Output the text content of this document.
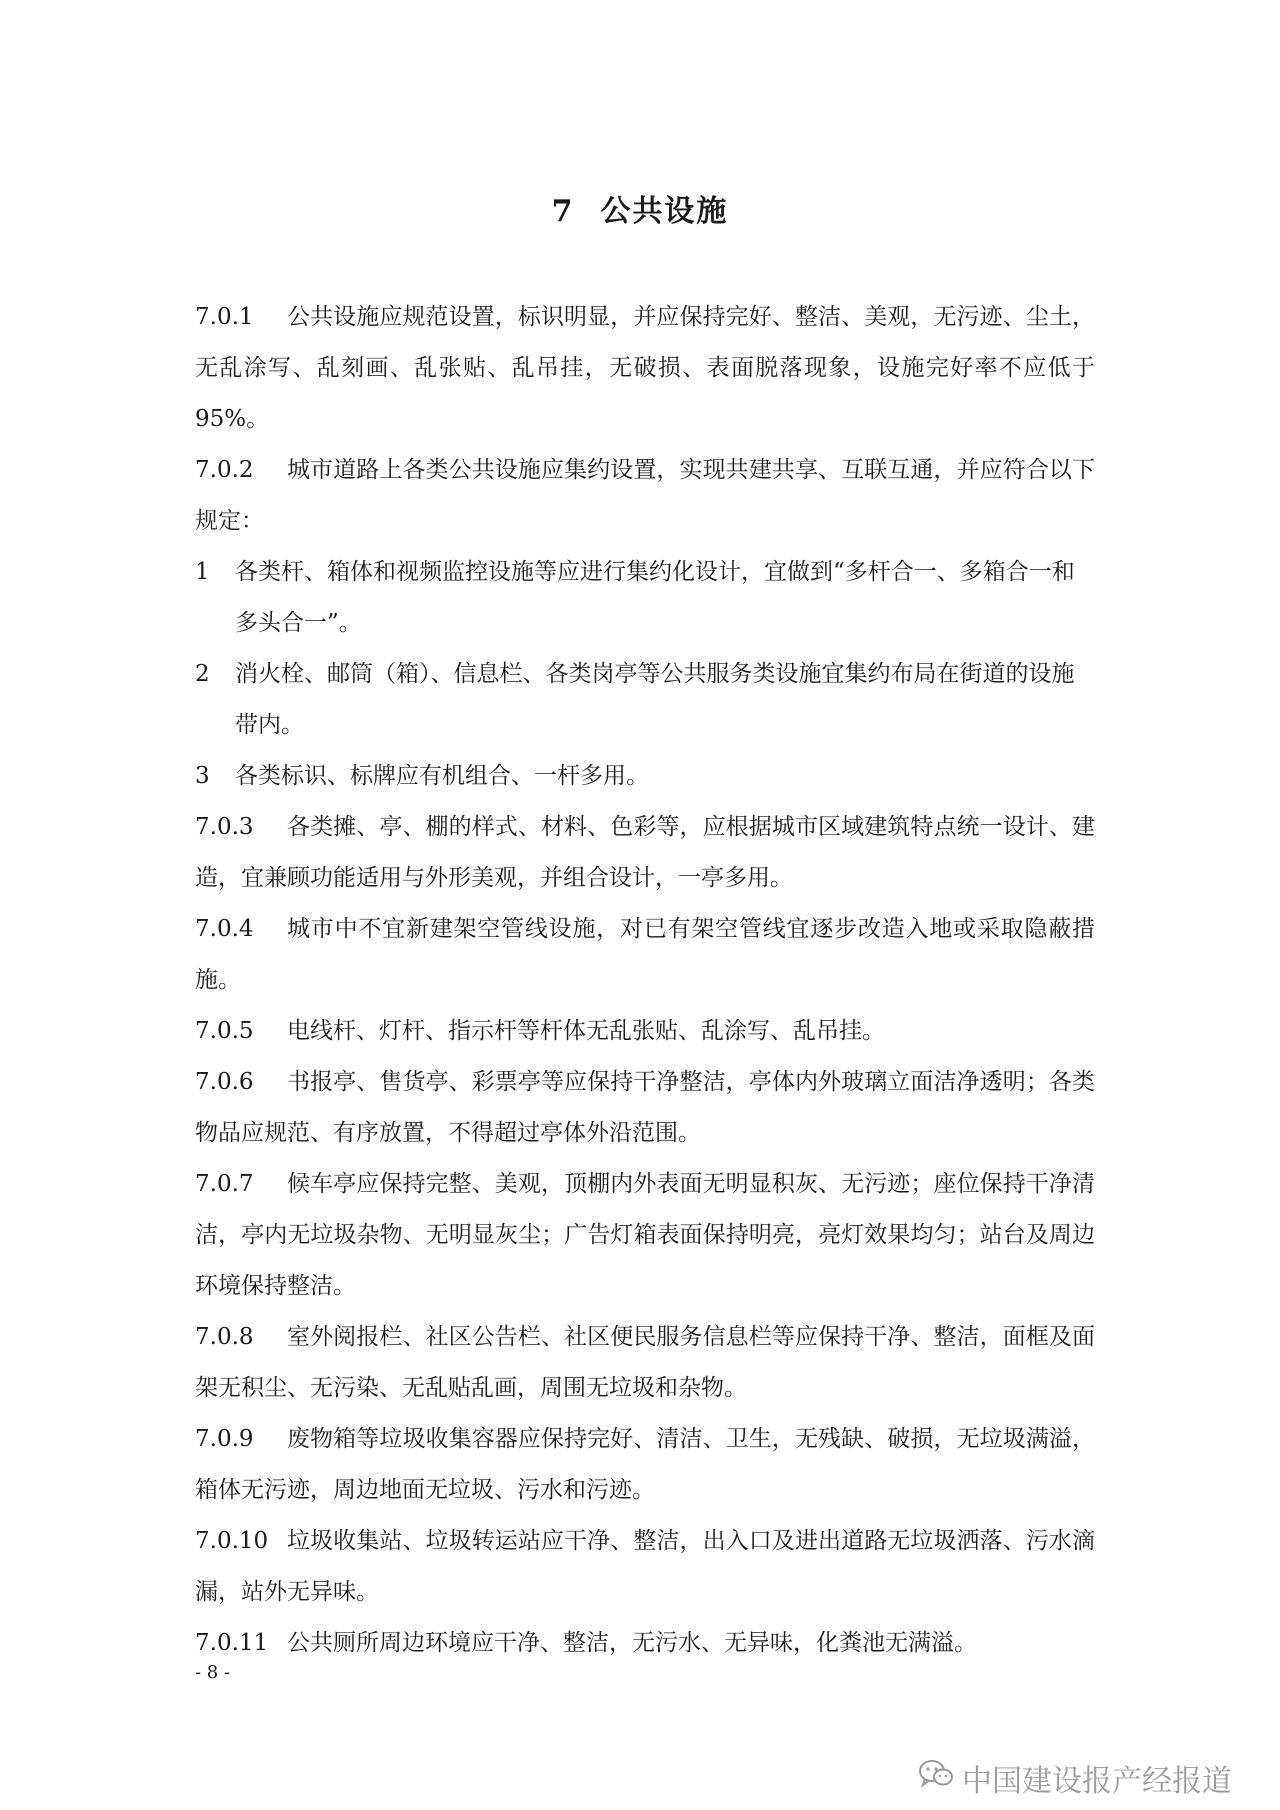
7 公共设施
7.0.1	公共设施应规范设置，标识明显，并应保持完好、整洁、美观，无污迹、尘土，无乱涂写、乱刻画、乱张贴、乱吊挂，无破损、表面脱落现象，设施完好率不应低于 95%。
7.0.2	城市道路上各类公共设施应集约设置，实现共建共享、互联互通，并应符合以下规定：
1	各类杆、箱体和视频监控设施等应进行集约化设计，宜做到“多杆合一、多箱合一和多头合一”。
2	消火栓、邮筒（箱）、信息栏、各类岗亭等公共服务类设施宜集约布局在街道的设施带内。
3	各类标识、标牌应有机组合、一杆多用。
7.0.3	各类摊、亭、棚的样式、材料、色彩等，应根据城市区域建筑特点统一设计、建造，宜兼顾功能适用与外形美观，并组合设计，一亭多用。
7.0.4	城市中不宜新建架空管线设施，对已有架空管线宜逐步改造入地或采取隐蔽措施。
7.0.5	电线杆、灯杆、指示杆等杆体无乱张贴、乱涂写、乱吊挂。
7.0.6	书报亭、售货亭、彩票亭等应保持干净整洁，亭体内外玻璃立面洁净透明；各类物品应规范、有序放置，不得超过亭体外沿范围。
7.0.7	候车亭应保持完整、美观，顶棚内外表面无明显积灰、无污迹；座位保持干净清洁，亭内无垃圾杂物、无明显灰尘；广告灯箱表面保持明亮，亮灯效果均匀；站台及周边环境保持整洁。
7.0.8	室外阅报栏、社区公告栏、社区便民服务信息栏等应保持干净、整洁，面框及面架无积尘、无污染、无乱贴乱画，周围无垃圾和杂物。
7.0.9	废物箱等垃圾收集容器应保持完好、清洁、卫生，无残缺、破损，无垃圾满溢，箱体无污迹，周边地面无垃圾、污水和污迹。
7.0.10 垃圾收集站、垃圾转运站应干净、整洁，出入口及进出道路无垃圾洒落、污水滴漏，站外无异味。
7.0.11 公共厕所周边环境应干净、整洁，无污水、无异味，化粪池无满溢。
- 8 -
中国建设报产经报道
